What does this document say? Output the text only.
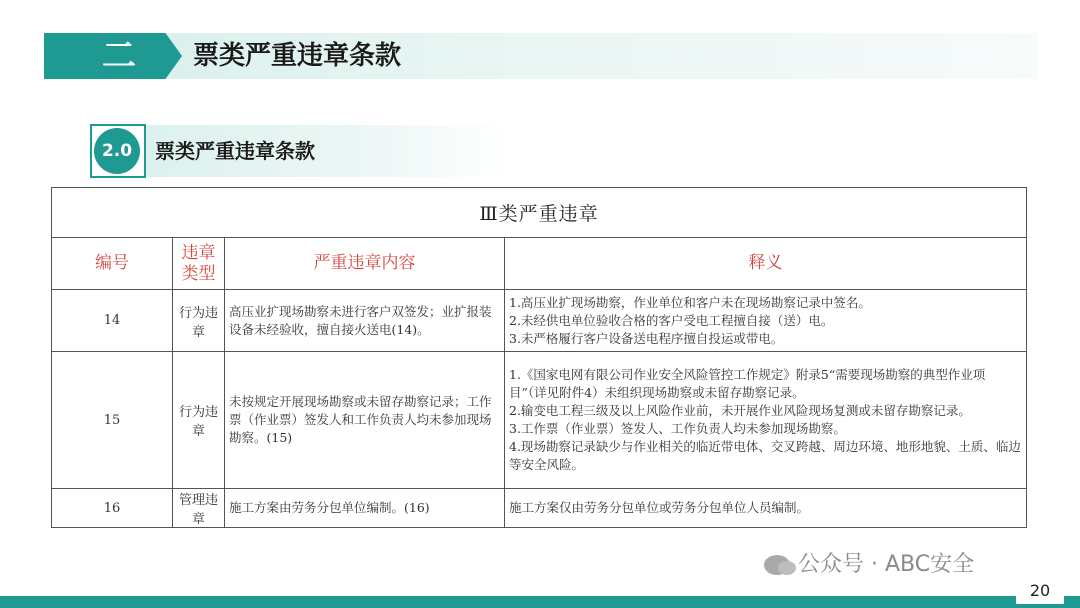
二	票类严重违章条款
2.0	票类严重违章条款
Ⅲ类严重违章			
编号	违章类型	严重违章内容	释义
14	行为违章	高压业扩现场勘察未进行客户双签发；业扩报装设备未经验收，擅自接火送电(14)。	1.高压业扩现场勘察，作业单位和客户未在现场勘察记录中签名。
2.未经供电单位验收合格的客户受电工程擅自接（送）电。
3.未严格履行客户设备送电程序擅自投运或带电。

15	行为违章	未按规定开展现场勘察或未留存勘察记录；工作票（作业票）签发人和工作负责人均未参加现场勘察。(15)	1.《国家电网有限公司作业安全风险管控工作规定》附录5“需要现场勘察的典型作业项目”（详见附件4）未组织现场勘察或未留存勘察记录。
2.输变电工程三级及以上风险作业前，未开展作业风险现场复测或未留存勘察记录。
3.工作票（作业票）签发人、工作负责人均未参加现场勘察。
4.现场勘察记录缺少与作业相关的临近带电体、交叉跨越、周边环境、地形地貌、土质、临边等安全风险。

16	管理违章	施工方案由劳务分包单位编制。(16)	施工方案仅由劳务分包单位或劳务分包单位人员编制。
公众号 · ABC安全
20
